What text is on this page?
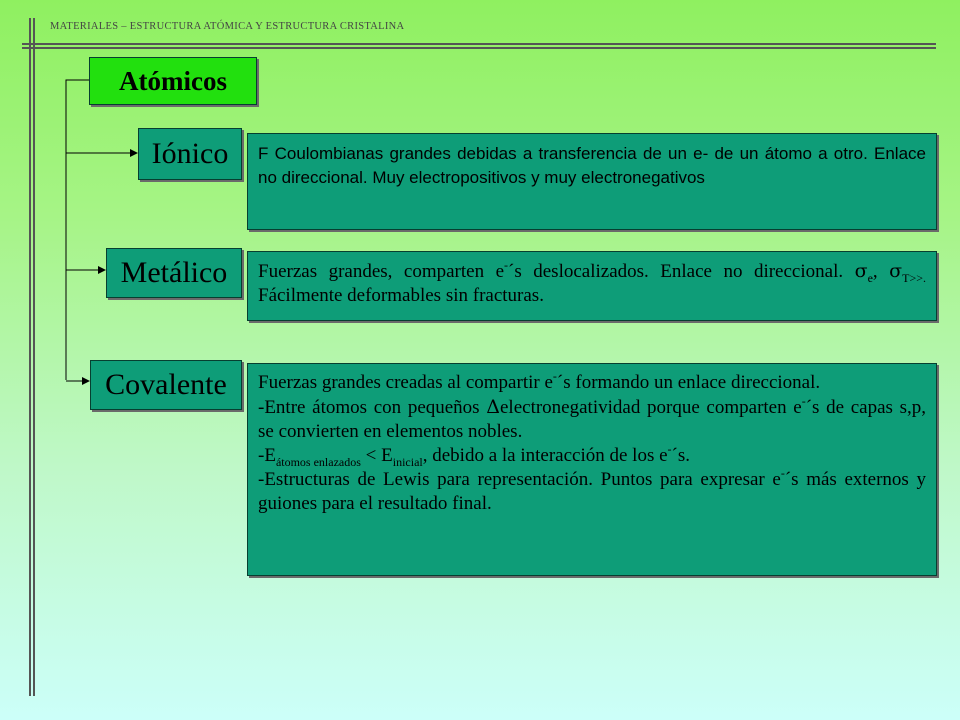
MATERIALES – ESTRUCTURA ATÓMICA Y ESTRUCTURA CRISTALINA
Atómicos
Iónico F Coulombianas grandes debidas a transferencia de un e- de un átomo a otro. Enlace no direccional. Muy electropositivos y muy electronegativos

Metálico Fuerzas grandes, comparten e-´s deslocalizados. Enlace no direccional. $\sigma_e$, $\sigma_{T>>.}$ Fácilmente deformables sin fracturas.

Covalente Fuerzas grandes creadas al compartir e-´s formando un enlace direccional.

-Entre átomos con pequeños Δelectronegatividad porque comparten e-´s de capas s,p, se convierten en elementos nobles.

$-E_{átomos enlazados} < E_{inicial}$, debido a la interacción de los e-´s.

-Estructuras de Lewis para representación. Puntos para expresar e-´s más externos y guiones para el resultado final.
